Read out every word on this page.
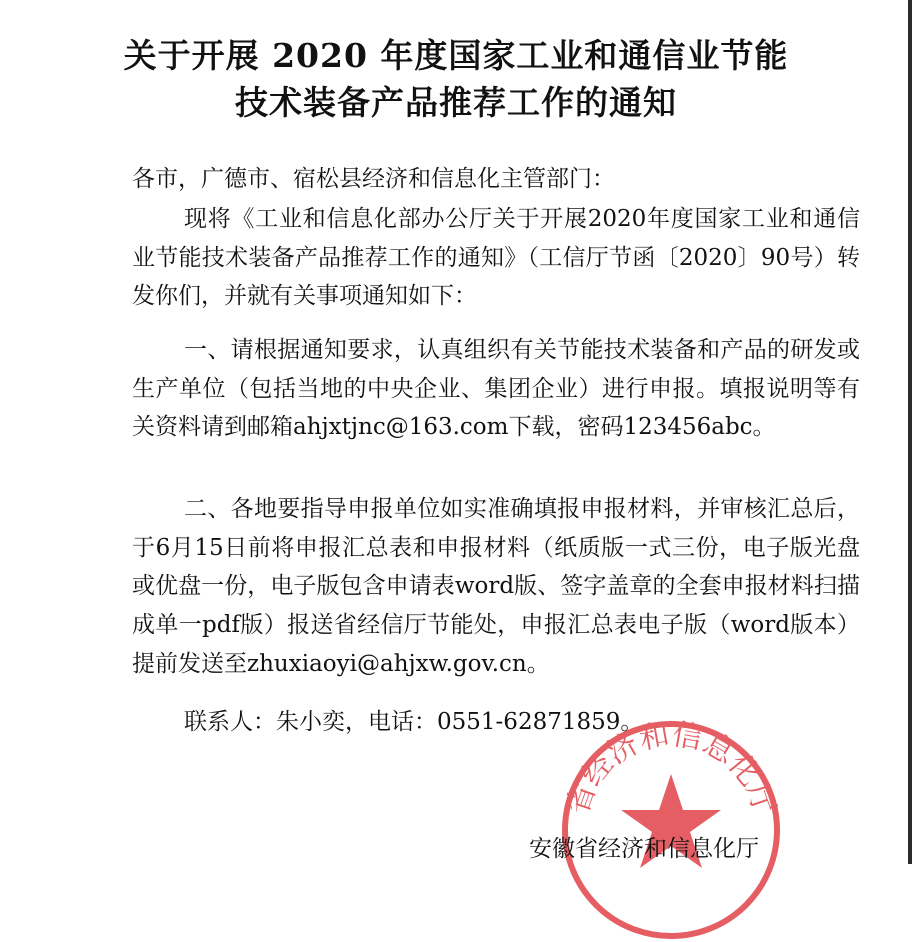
关于开展 2020 年度国家工业和通信业节能
技术装备产品推荐工作的通知
各市，广德市、宿松县经济和信息化主管部门：
现将《工业和信息化部办公厅关于开展2020年度国家工业和通信业节能技术装备产品推荐工作的通知》（工信厅节函〔2020〕90号）转发你们，并就有关事项通知如下：
一、请根据通知要求，认真组织有关节能技术装备和产品的研发或生产单位（包括当地的中央企业、集团企业）进行申报。填报说明等有关资料请到邮箱ahjxtjnc@163.com下载，密码123456abc。
二、各地要指导申报单位如实准确填报申报材料，并审核汇总后，于6月15日前将申报汇总表和申报材料（纸质版一式三份，电子版光盘或优盘一份，电子版包含申请表word版、签字盖章的全套申报材料扫描成单一pdf版）报送省经信厅节能处，申报汇总表电子版（word版本）提前发送至zhuxiaoyi@ahjxw.gov.cn。
联系人：朱小奕，电话：0551-62871859。
省经济和信息化厅
安徽省经济和信息化厅
